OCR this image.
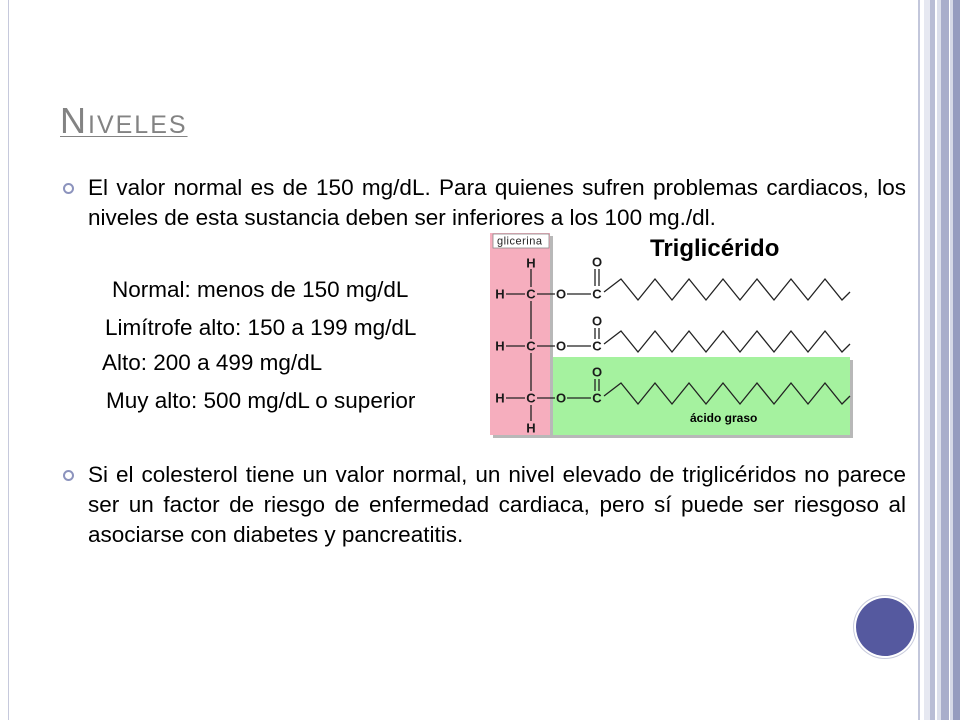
Niveles

El valor normal es de 150 mg/dL. Para quienes sufren problemas cardiacos, los niveles de esta sustancia deben ser inferiores a los 100 mg./dl.

Normal: menos de 150 mg/dL
Limítrofe alto: 150 a 199 mg/dL
Alto: 200 a 499 mg/dL
Muy alto: 500 mg/dL o superior
glicerina	Triglicérido
H
H C O C
O
H C O C
O
H C O C
O
H
ácido graso

Si el colesterol tiene un valor normal, un nivel elevado de triglicéridos no parece ser un factor de riesgo de enfermedad cardiaca, pero sí puede ser riesgoso al asociarse con diabetes y pancreatitis.
